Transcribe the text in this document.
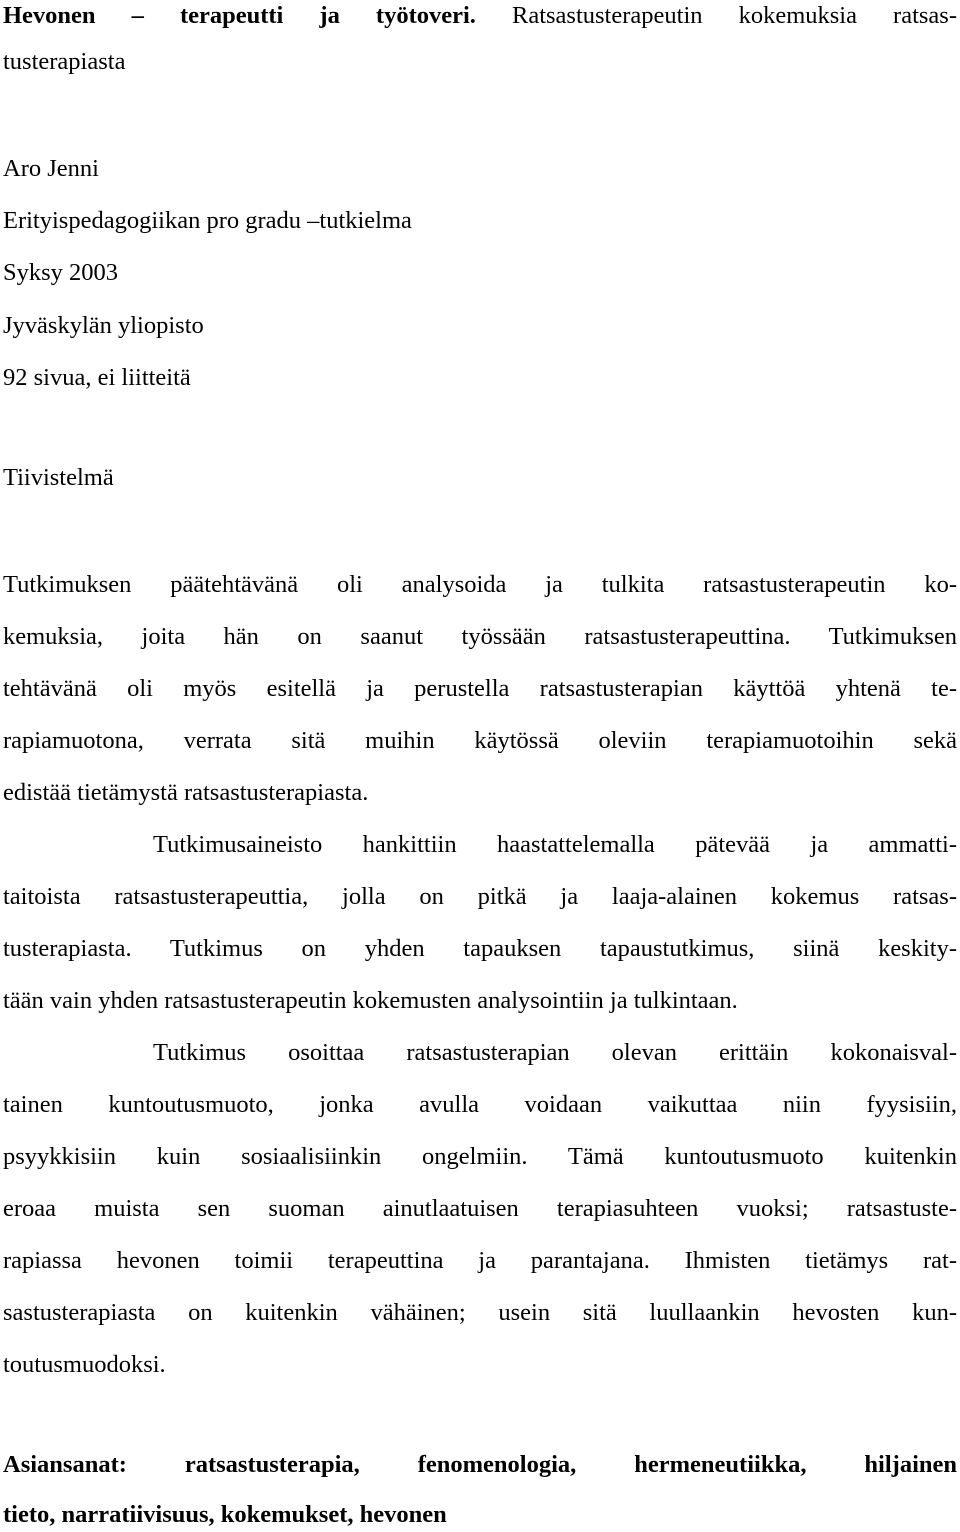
Hevonen – terapeutti ja työtoveri. Ratsastusterapeutin kokemuksia ratsas-
tusterapiasta
Aro Jenni
Erityispedagogiikan pro gradu –tutkielma
Syksy 2003
Jyväskylän yliopisto
92 sivua, ei liitteitä
Tiivistelmä
Tutkimuksen päätehtävänä oli analysoida ja tulkita ratsastusterapeutin ko-
kemuksia, joita hän on saanut työssään ratsastusterapeuttina. Tutkimuksen
tehtävänä oli myös esitellä ja perustella ratsastusterapian käyttöä yhtenä te-
rapiamuotona, verrata sitä muihin käytössä oleviin terapiamuotoihin sekä
edistää tietämystä ratsastusterapiasta.
Tutkimusaineisto hankittiin haastattelemalla pätevää ja ammatti-
taitoista ratsastusterapeuttia, jolla on pitkä ja laaja-alainen kokemus ratsas-
tusterapiasta. Tutkimus on yhden tapauksen tapaustutkimus, siinä keskity-
tään vain yhden ratsastusterapeutin kokemusten analysointiin ja tulkintaan.
Tutkimus osoittaa ratsastusterapian olevan erittäin kokonaisval-
tainen kuntoutusmuoto, jonka avulla voidaan vaikuttaa niin fyysisiin,
psyykkisiin kuin sosiaalisiinkin ongelmiin. Tämä kuntoutusmuoto kuitenkin
eroaa muista sen suoman ainutlaatuisen terapiasuhteen vuoksi; ratsastuste-
rapiassa hevonen toimii terapeuttina ja parantajana. Ihmisten tietämys rat-
sastusterapiasta on kuitenkin vähäinen; usein sitä luullaankin hevosten kun-
toutusmuodoksi.
Asiansanat: ratsastusterapia, fenomenologia, hermeneutiikka, hiljainen
tieto, narratiivisuus, kokemukset, hevonen
